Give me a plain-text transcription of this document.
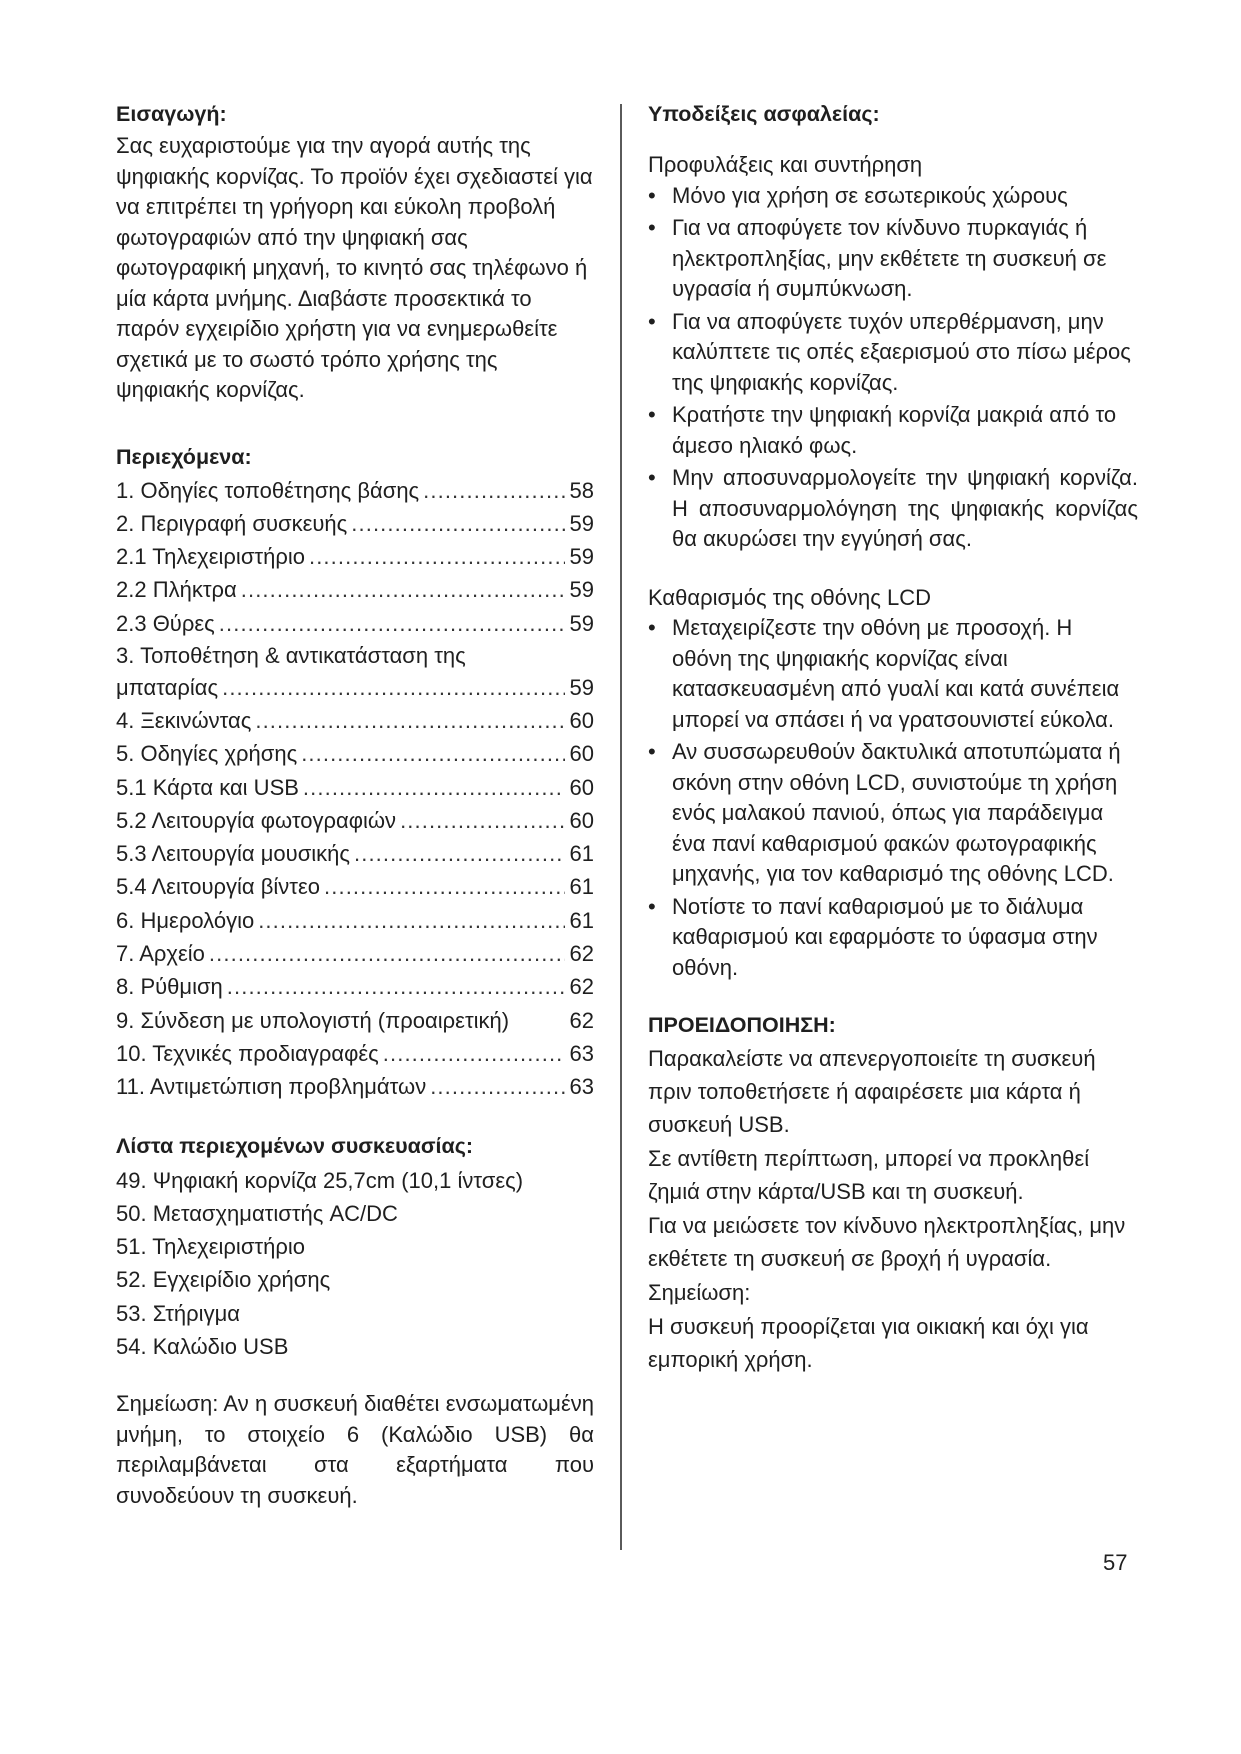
Εισαγωγή:

Σας ευχαριστούμε για την αγορά αυτής της ψηφιακής κορνίζας. Το προϊόν έχει σχεδιαστεί για να επιτρέπει τη γρήγορη και εύκολη προβολή φωτογραφιών από την ψηφιακή σας φωτογραφική μηχανή, το κινητό σας τηλέφωνο ή μία κάρτα μνήμης. Διαβάστε προσεκτικά το παρόν εγχειρίδιο χρήστη για να ενημερωθείτε σχετικά με το σωστό τρόπο χρήσης της ψηφιακής κορνίζας.

Περιεχόμενα:
1. Οδηγίες τοποθέτησης βάσης . . .	58
2. Περιγραφή συσκευής . . .	59
2.1 Τηλεχειριστήριο . . .	59
2.2 Πλήκτρα . . .	59
2.3 Θύρες . . .	59
3. Τοποθέτηση & αντικατάσταση της
μπαταρίας . . .	59
4. Ξεκινώντας . . .	60
5. Οδηγίες χρήσης . . .	60
5.1 Κάρτα και USB . . .	60
5.2 Λειτουργία φωτογραφιών . . .	60
5.3 Λειτουργία μουσικής . . .	61
5.4 Λειτουργία βίντεο . . .	61
6. Ημερολόγιο . . .	61
7. Αρχείο . . .	62
8. Ρύθμιση . . .	62
9. Σύνδεση με υπολογιστή (προαιρετική)	62
10. Τεχνικές προδιαγραφές . . .	63
11. Αντιμετώπιση προβλημάτων . . .	63
Λίστα περιεχομένων συσκευασίας:
49. Ψηφιακή κορνίζα 25,7cm (10,1 ίντσες)
50. Μετασχηματιστής AC/DC
51. Τηλεχειριστήριο
52. Εγχειρίδιο χρήσης
53. Στήριγμα
54. Καλώδιο USB

Σημείωση: Αν η συσκευή διαθέτει ενσωματωμένη μνήμη, το στοιχείο 6 (Καλώδιο USB) θα περιλαμβάνεται στα εξαρτήματα που συνοδεύουν τη συσκευή.

Υποδείξεις ασφαλείας:

Προφυλάξεις και συντήρηση

• Μόνο για χρήση σε εσωτερικούς χώρους
• Για να αποφύγετε τον κίνδυνο πυρκαγιάς ή ηλεκτροπληξίας, μην εκθέτετε τη συσκευή σε υγρασία ή συμπύκνωση.
• Για να αποφύγετε τυχόν υπερθέρμανση, μην καλύπτετε τις οπές εξαερισμού στο πίσω μέρος της ψηφιακής κορνίζας.
• Κρατήστε την ψηφιακή κορνίζα μακριά από το άμεσο ηλιακό φως.
• Μην αποσυναρμολογείτε την ψηφιακή κορνίζα. Η αποσυναρμολόγηση της ψηφιακής κορνίζας θα ακυρώσει την εγγύησή σας.

Καθαρισμός της οθόνης LCD

• Μεταχειρίζεστε την οθόνη με προσοχή. Η οθόνη της ψηφιακής κορνίζας είναι κατασκευασμένη από γυαλί και κατά συνέπεια μπορεί να σπάσει ή να γρατσουνιστεί εύκολα.
• Αν συσσωρευθούν δακτυλικά αποτυπώματα ή σκόνη στην οθόνη LCD, συνιστούμε τη χρήση ενός μαλακού πανιού, όπως για παράδειγμα ένα πανί καθαρισμού φακών φωτογραφικής μηχανής, για τον καθαρισμό της οθόνης LCD.
• Νοτίστε το πανί καθαρισμού με το διάλυμα καθαρισμού και εφαρμόστε το ύφασμα στην οθόνη.
ΠΡΟΕΙΔΟΠΟΙΗΣΗ:

Παρακαλείστε να απενεργοποιείτε τη συσκευή πριν τοποθετήσετε ή αφαιρέσετε μια κάρτα ή συσκευή USB.

Σε αντίθετη περίπτωση, μπορεί να προκληθεί ζημιά στην κάρτα/USB και τη συσκευή.

Για να μειώσετε τον κίνδυνο ηλεκτροπληξίας, μην εκθέτετε τη συσκευή σε βροχή ή υγρασία.

Σημείωση:

Η συσκευή προορίζεται για οικιακή και όχι για εμπορική χρήση.

57
